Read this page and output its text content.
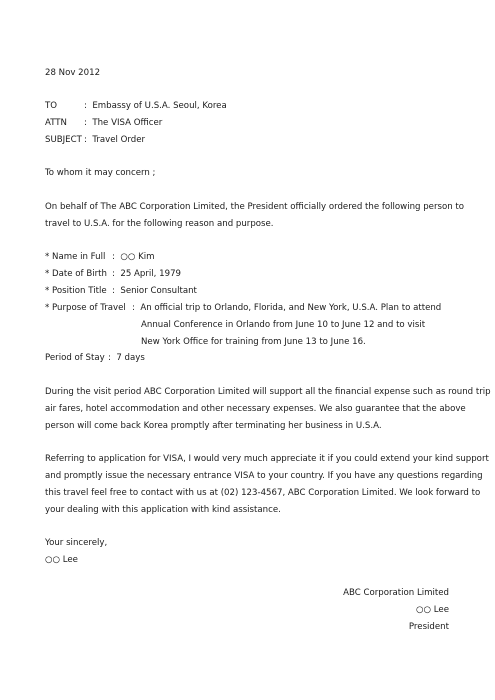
28 Nov 2012
TO	:  Embassy of U.S.A. Seoul, Korea
ATTN :  The VISA Officer
SUBJECT :  Travel Order
To whom it may concern ;
On behalf of The ABC Corporation Limited, the President officially ordered the following person to
travel to U.S.A. for the following reason and purpose.
* Name in Full :  ○○ Kim
* Date of Birth :  25 April, 1979
* Position Title :  Senior Consultant
* Purpose of Travel :  An official trip to Orlando, Florida, and New York, U.S.A. Plan to attend
Annual Conference in Orlando from June 10 to June 12 and to visit
New York Office for training from June 13 to June 16.
Period of Stay :  7 days
During the visit period ABC Corporation Limited will support all the financial expense such as round trip
air fares, hotel accommodation and other necessary expenses. We also guarantee that the above
person will come back Korea promptly after terminating her business in U.S.A.
Referring to application for VISA, I would very much appreciate it if you could extend your kind support
and promptly issue the necessary entrance VISA to your country. If you have any questions regarding
this travel feel free to contact with us at (02) 123-4567, ABC Corporation Limited. We look forward to
your dealing with this application with kind assistance.
Your sincerely,
○○ Lee
ABC Corporation Limited
○○ Lee
President
